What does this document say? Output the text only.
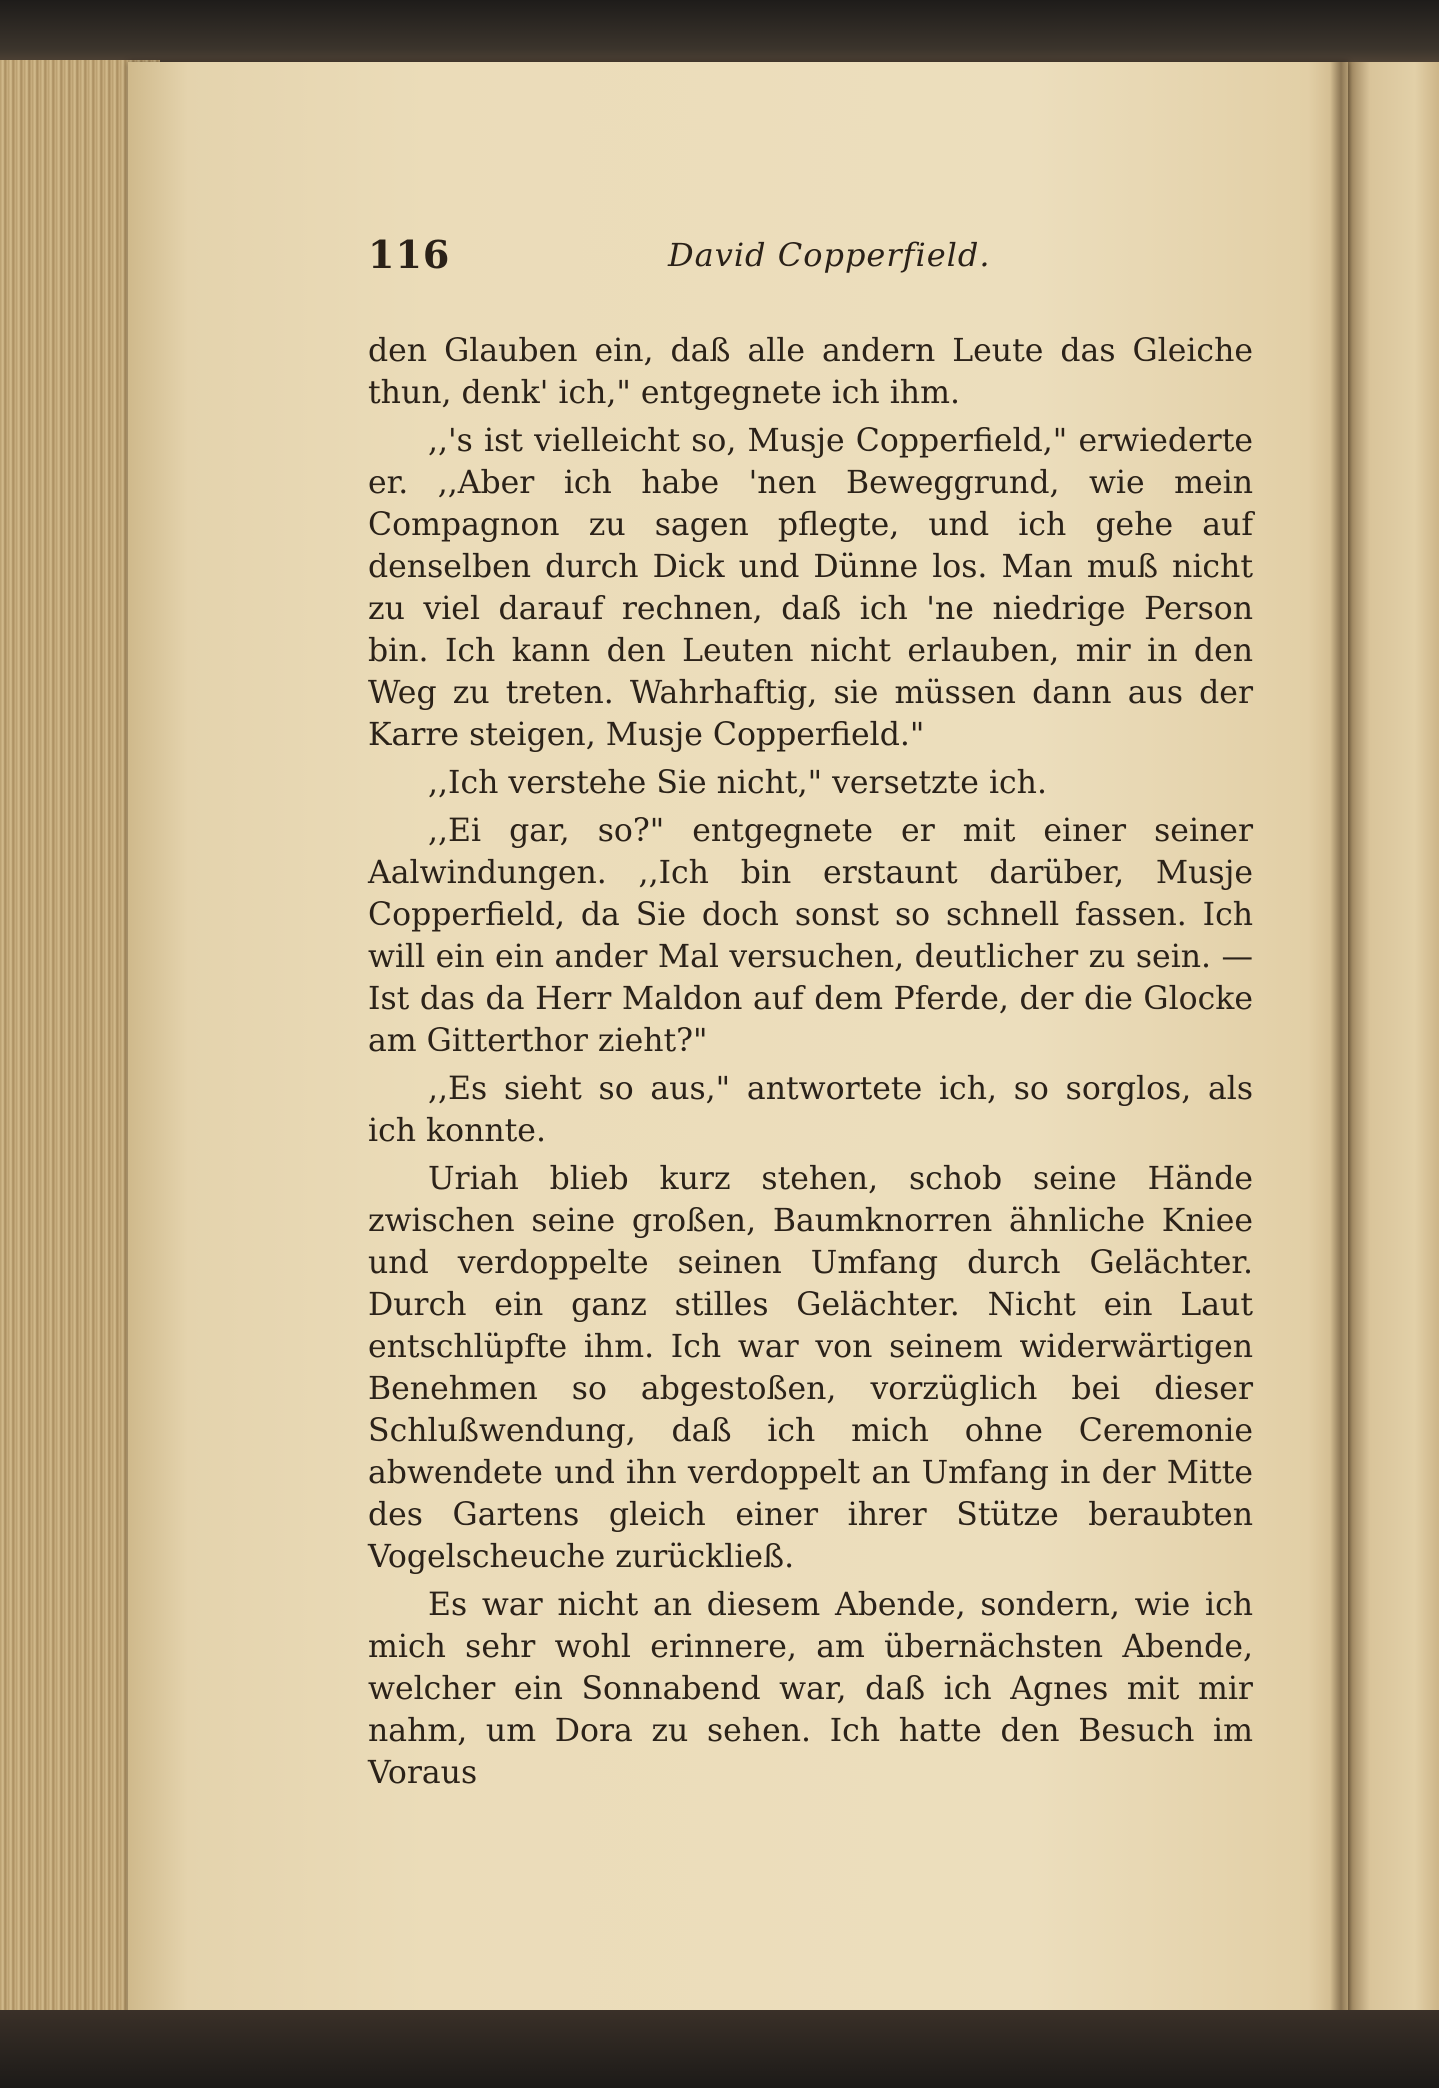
116	David Copperfield.

den Glauben ein, daß alle andern Leute das Gleiche thun, denk' ich," entgegnete ich ihm.

,,'s ist vielleicht so, Musje Copperfield," erwiederte er. ,,Aber ich habe 'nen Beweggrund, wie mein Compagnon zu sagen pflegte, und ich gehe auf denselben durch Dick und Dünne los. Man muß nicht zu viel darauf rechnen, daß ich 'ne niedrige Person bin. Ich kann den Leuten nicht erlauben, mir in den Weg zu treten. Wahrhaftig, sie müssen dann aus der Karre steigen, Musje Copperfield."

,,Ich verstehe Sie nicht," versetzte ich.

,,Ei gar, so?" entgegnete er mit einer seiner Aalwindungen. ,,Ich bin erstaunt darüber, Musje Copperfield, da Sie doch sonst so schnell fassen. Ich will ein ein ander Mal versuchen, deutlicher zu sein. — Ist das da Herr Maldon auf dem Pferde, der die Glocke am Gitterthor zieht?"

,,Es sieht so aus," antwortete ich, so sorglos, als ich konnte.

Uriah blieb kurz stehen, schob seine Hände zwischen seine großen, Baumknorren ähnliche Kniee und verdoppelte seinen Umfang durch Gelächter. Durch ein ganz stilles Gelächter. Nicht ein Laut entschlüpfte ihm. Ich war von seinem widerwärtigen Benehmen so abgestoßen, vorzüglich bei dieser Schlußwendung, daß ich mich ohne Ceremonie abwendete und ihn verdoppelt an Umfang in der Mitte des Gartens gleich einer ihrer Stütze beraubten Vogelscheuche zurückließ.

Es war nicht an diesem Abende, sondern, wie ich mich sehr wohl erinnere, am übernächsten Abende, welcher ein Sonnabend war, daß ich Agnes mit mir nahm, um Dora zu sehen. Ich hatte den Besuch im Voraus
